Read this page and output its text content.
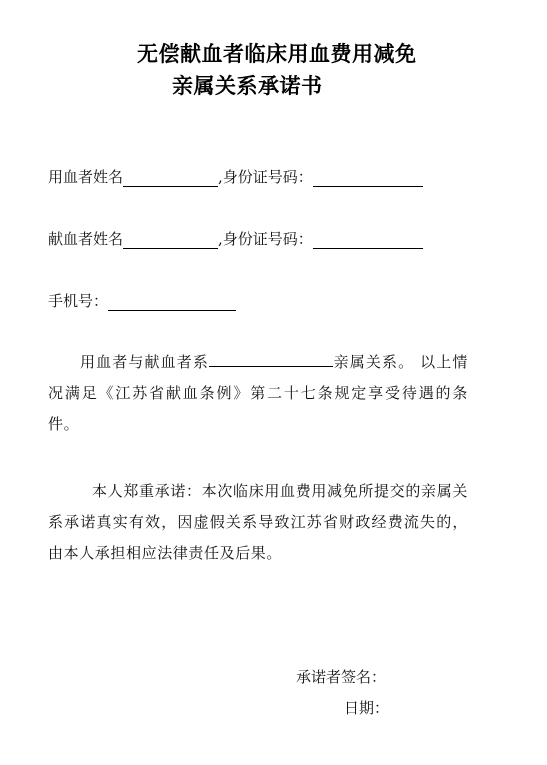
无偿献血者临床用血费用减免
亲属关系承诺书
用血者姓名	,身份证号码：
献血者姓名	,身份证号码：
手机号：
用血者与献血者系	亲属关系。 以上情况满足《江苏省献血条例》第二十七条规定享受待遇的条件。
本人郑重承诺：本次临床用血费用减免所提交的亲属关系承诺真实有效，因虚假关系导致江苏省财政经费流失的， 由本人承担相应法律责任及后果。
承诺者签名：
日期：
